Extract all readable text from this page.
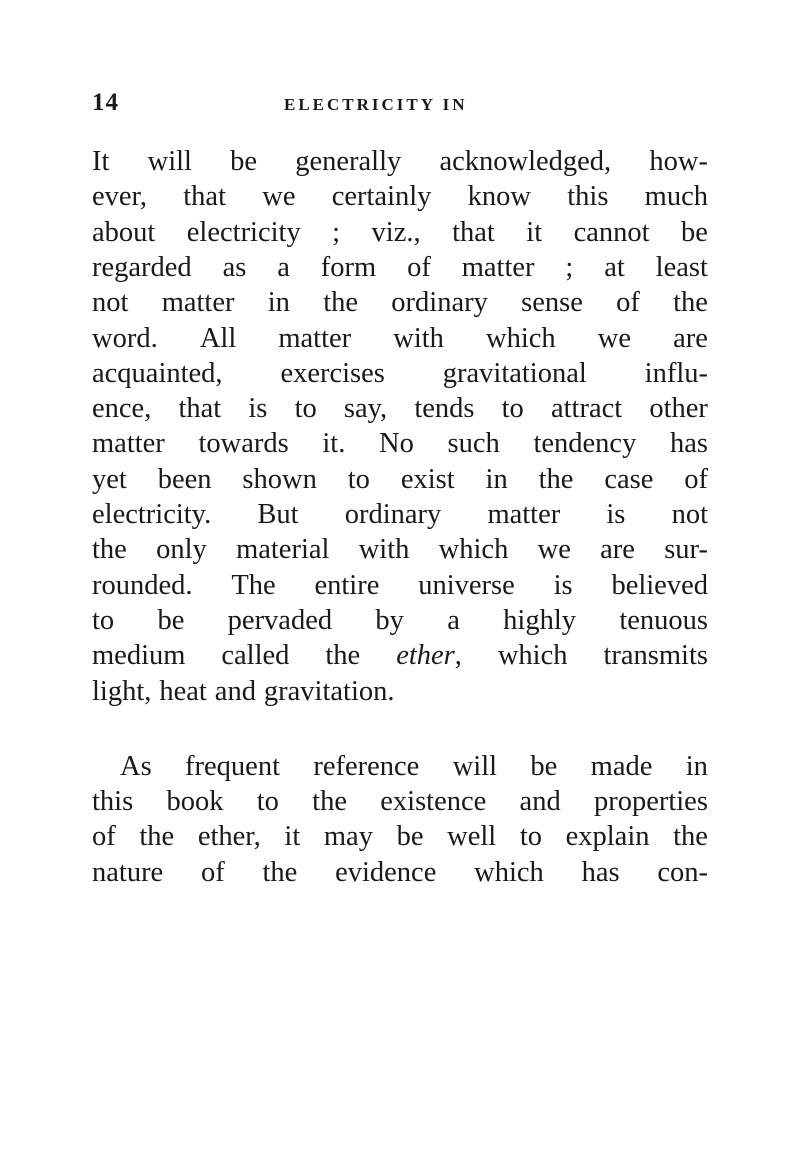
14	ELECTRICITY IN
It will be generally acknowledged, how-
ever, that we certainly know this much
about electricity ; viz., that it cannot be
regarded as a form of matter ; at least
not matter in the ordinary sense of the
word. All matter with which we are
acquainted, exercises gravitational influ-
ence, that is to say, tends to attract other
matter towards it. No such tendency has
yet been shown to exist in the case of
electricity. But ordinary matter is not
the only material with which we are sur-
rounded. The entire universe is believed
to be pervaded by a highly tenuous
medium called the ether, which transmits
light, heat and gravitation.
As frequent reference will be made in
this book to the existence and properties
of the ether, it may be well to explain the
nature of the evidence which has con-
